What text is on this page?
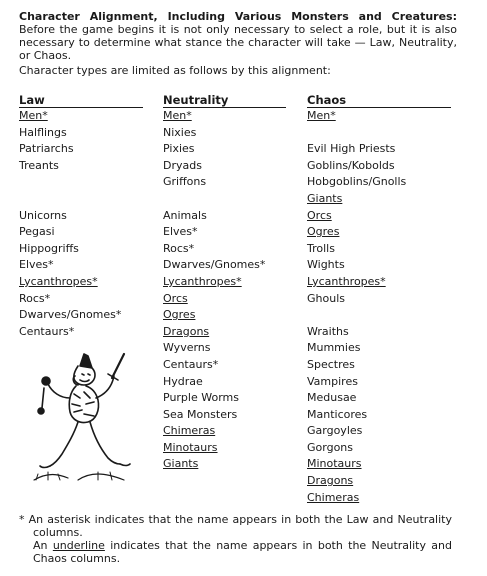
Character Alignment, Including Various Monsters and Creatures: Before the game begins it is not only necessary to select a role, but it is also necessary to determine what stance the character will take — Law, Neutrality, or Chaos.

Character types are limited as follows by this alignment:

Law
Men*
Halflings
Patriarchs
Treants
Unicorns
Pegasi
Hippogriffs
Elves*
Lycanthropes*
Rocs*
Dwarves/Gnomes*
Centaurs*
Neutrality
Men*
Nixies
Pixies
Dryads
Griffons
Animals
Elves*
Rocs*
Dwarves/Gnomes*
Lycanthropes*
Orcs
Ogres
Dragons
Wyverns
Centaurs*
Hydrae
Purple Worms
Sea Monsters
Chimeras
Minotaurs
Giants
Chaos
Men*
Evil High Priests
Goblins/Kobolds
Hobgoblins/Gnolls
Giants
Orcs
Ogres
Trolls
Wights
Lycanthropes*
Ghouls
Wraiths
Mummies
Spectres
Vampires
Medusae
Manticores
Gargoyles
Gorgons
Minotaurs
Dragons
Chimeras

* An asterisk indicates that the name appears in both the Law and Neutrality columns.

An underline indicates that the name appears in both the Neutrality and Chaos columns.
